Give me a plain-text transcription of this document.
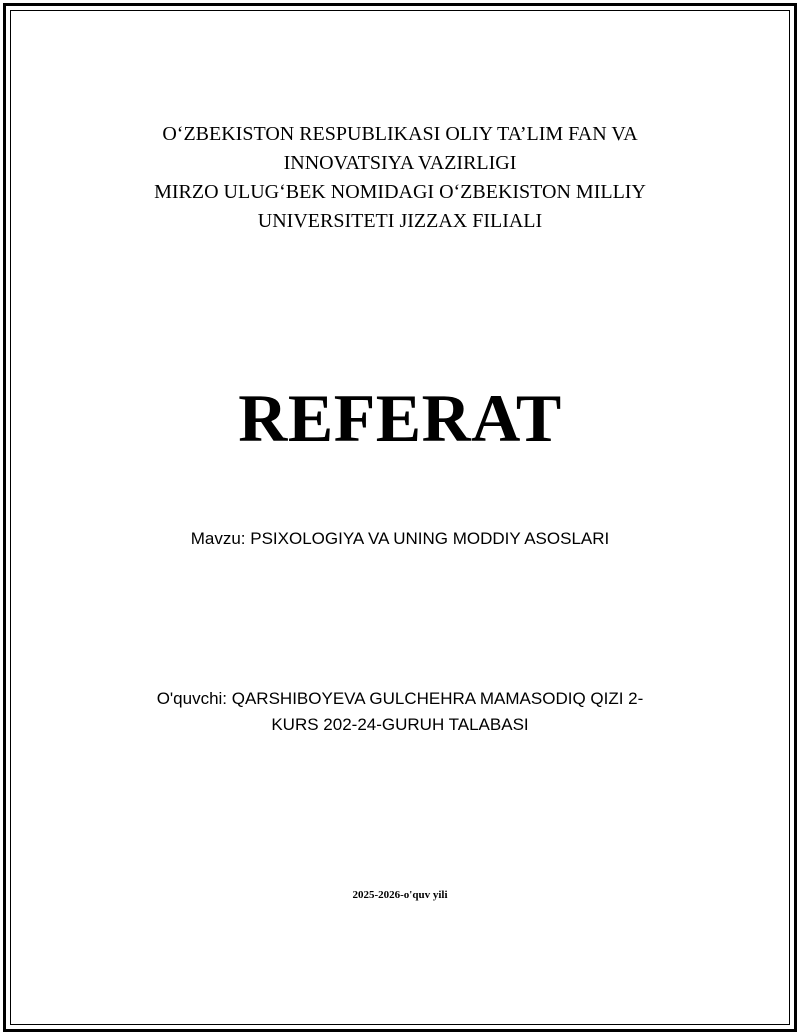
O‘ZBEKISTON RESPUBLIKASI OLIY TA’LIM FAN VA
INNOVATSIYA VAZIRLIGI
MIRZO ULUG‘BEK NOMIDAGI O‘ZBEKISTON MILLIY
UNIVERSITETI JIZZAX FILIALI
REFERAT
Mavzu: PSIXOLOGIYA VA UNING MODDIY ASOSLARI
O'quvchi: QARSHIBOYEVA GULCHEHRA MAMASODIQ QIZI 2-
KURS 202-24-GURUH TALABASI
2025-2026-o'quv yili
